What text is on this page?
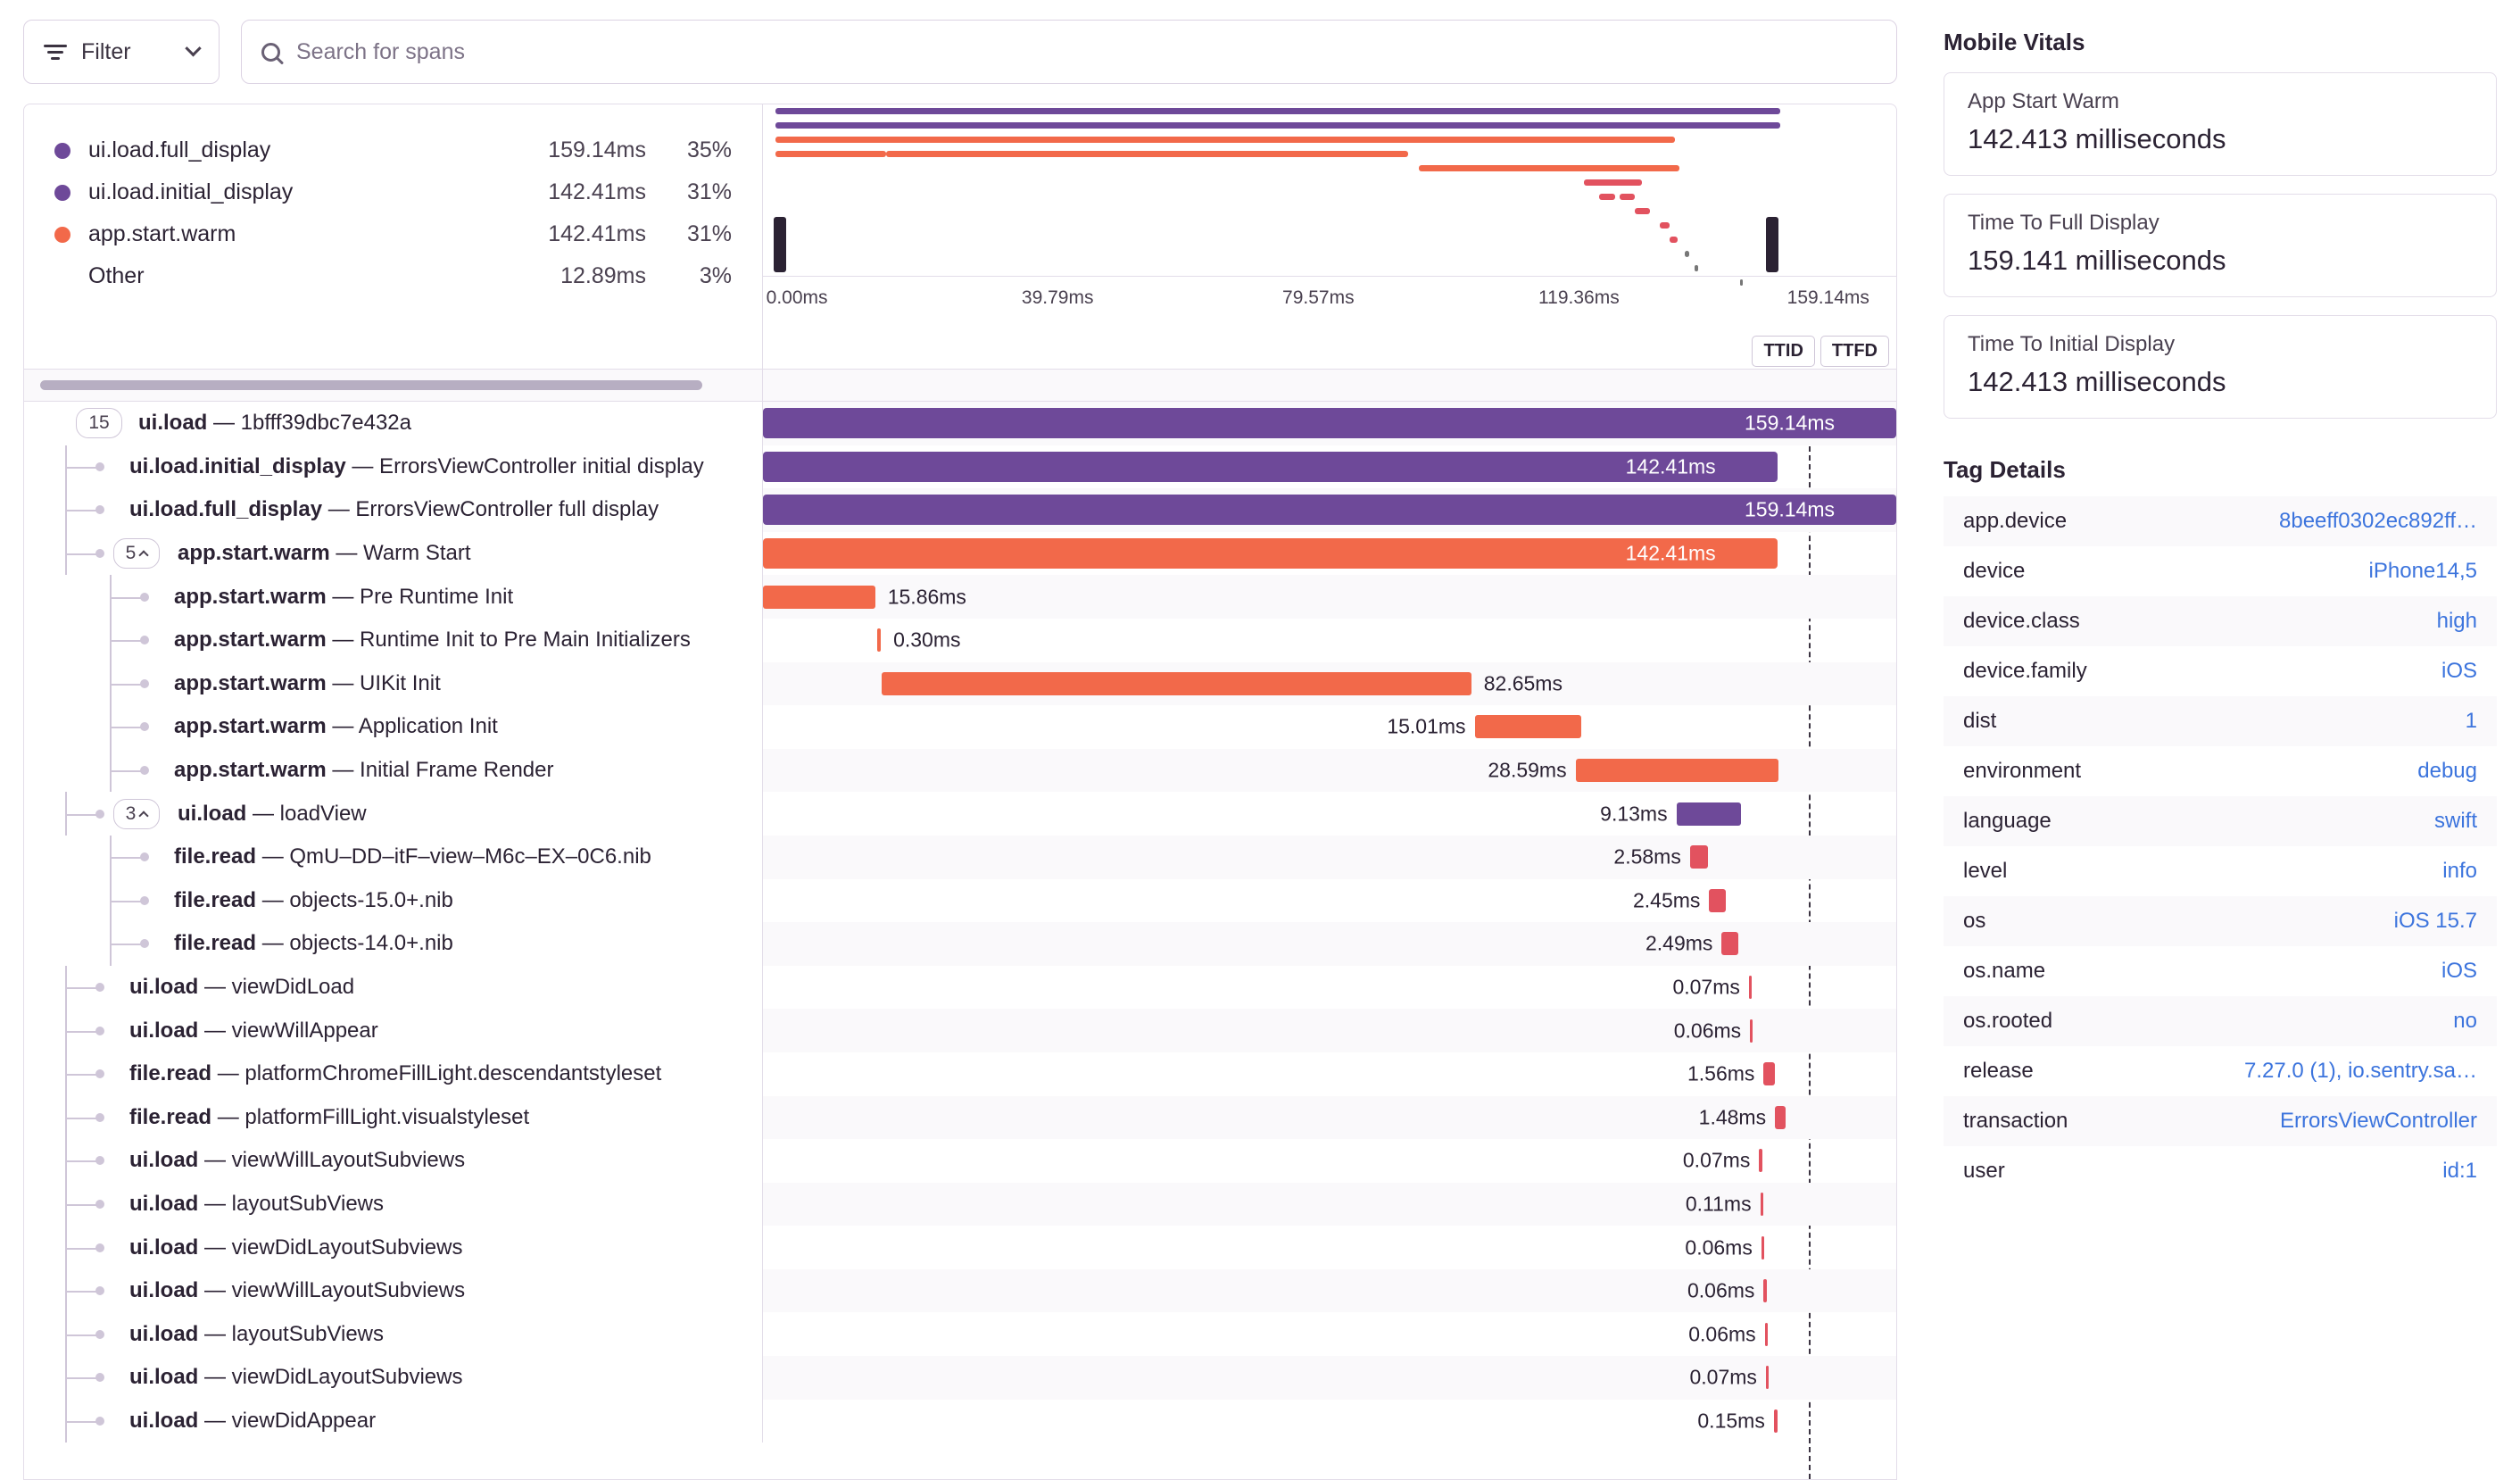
Filter
Search for spans
ui.load.full_display	159.14ms	35%
ui.load.initial_display	142.41ms	31%
app.start.warm	142.41ms	31%
Other	12.89ms	3%
0.00ms	39.79ms	79.57ms	119.36ms	159.14ms
TTID	TTFD
15 ui.load — 1bfff39dbc7e432a	159.14ms
ui.load.initial_display — ErrorsViewController initial display	142.41ms
ui.load.full_display — ErrorsViewController full display	159.14ms
5 app.start.warm — Warm Start	142.41ms
app.start.warm — Pre Runtime Init	15.86ms
app.start.warm — Runtime Init to Pre Main Initializers	0.30ms
app.start.warm — UIKit Init	82.65ms
app.start.warm — Application Init	15.01ms
app.start.warm — Initial Frame Render	28.59ms
3 ui.load — loadView	9.13ms
file.read — QmU–DD–itF–view–M6c–EX–0C6.nib	2.58ms
file.read — objects-15.0+.nib	2.45ms
file.read — objects-14.0+.nib	2.49ms
ui.load — viewDidLoad	0.07ms
ui.load — viewWillAppear	0.06ms
file.read — platformChromeFillLight.descendantstyleset	1.56ms
file.read — platformFillLight.visualstyleset	1.48ms
ui.load — viewWillLayoutSubviews	0.07ms
ui.load — layoutSubViews	0.11ms
ui.load — viewDidLayoutSubviews	0.06ms
ui.load — viewWillLayoutSubviews	0.06ms
ui.load — layoutSubViews	0.06ms
ui.load — viewDidLayoutSubviews	0.07ms
ui.load — viewDidAppear	0.15ms
Mobile Vitals
App Start Warm
142.413 milliseconds
Time To Full Display
159.141 milliseconds
Time To Initial Display
142.413 milliseconds
Tag Details
app.device	8beeff0302ec892ff…
device	iPhone14,5
device.class	high
device.family	iOS
dist	1
environment	debug
language	swift
level	info
os	iOS 15.7
os.name	iOS
os.rooted	no
release	7.27.0 (1), io.sentry.sa…
transaction	ErrorsViewController
user	id:1
